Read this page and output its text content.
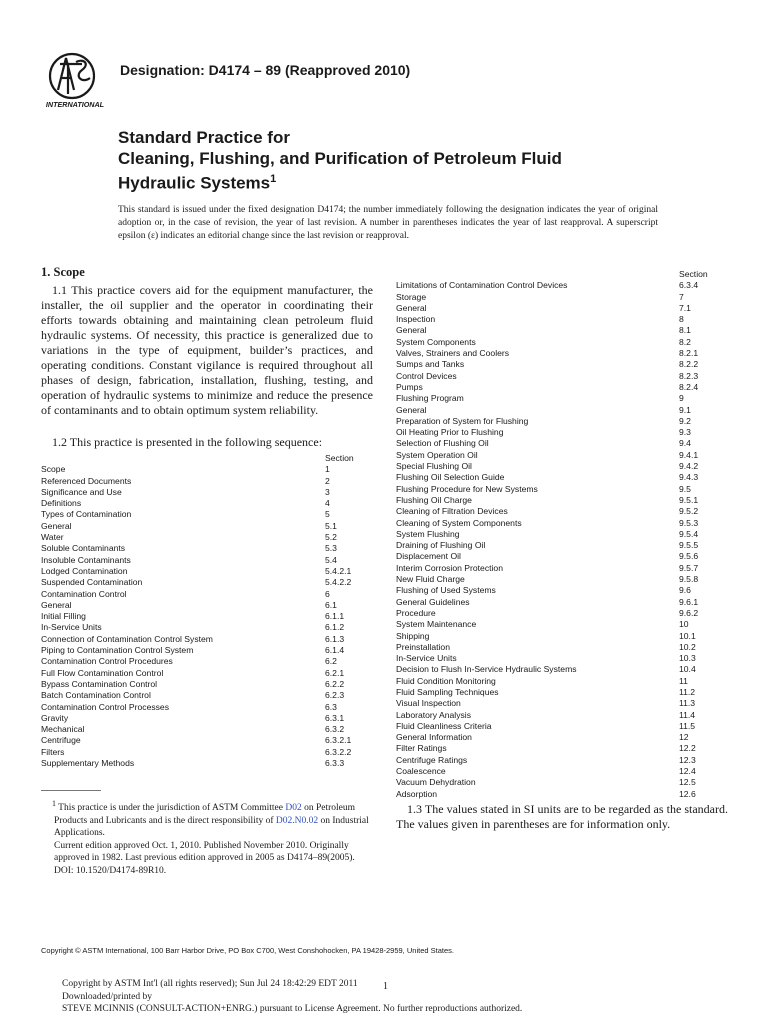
INTERNATIONAL
Designation: D4174 – 89 (Reapproved 2010)
Standard Practice for
Cleaning, Flushing, and Purification of Petroleum Fluid
Hydraulic Systems$^1$
This standard is issued under the fixed designation D4174; the number immediately following the designation indicates the year of original adoption or, in the case of revision, the year of last revision. A number in parentheses indicates the year of last reapproval. A superscript epsilon (ε) indicates an editorial change since the last revision or reapproval.
1. Scope
1.1 This practice covers aid for the equipment manufacturer, the installer, the oil supplier and the operator in coordinating their efforts towards obtaining and maintaining clean petroleum fluid hydraulic systems. Of necessity, this practice is generalized due to variations in the type of equipment, builder’s practices, and operating conditions. Constant vigilance is required throughout all phases of design, fabrication, installation, flushing, testing, and operation of hydraulic systems to minimize and reduce the presence of contaminants and to obtain optimum system reliability.
1.2 This practice is presented in the following sequence:
Section
Scope	1
Referenced Documents	2
Significance and Use	3
Definitions	4
Types of Contamination	5
General	5.1
Water	5.2
Soluble Contaminants	5.3
Insoluble Contaminants	5.4
Lodged Contamination	5.4.2.1
Suspended Contamination	5.4.2.2
Contamination Control	6
General	6.1
Initial Filling	6.1.1
In-Service Units	6.1.2
Connection of Contamination Control System	6.1.3
Piping to Contamination Control System	6.1.4
Contamination Control Procedures	6.2
Full Flow Contamination Control	6.2.1
Bypass Contamination Control	6.2.2
Batch Contamination Control	6.2.3
Contamination Control Processes	6.3
Gravity	6.3.1
Mechanical	6.3.2
Centrifuge	6.3.2.1
Filters	6.3.2.2
Supplementary Methods	6.3.3
Section
Limitations of Contamination Control Devices	6.3.4
Storage	7
General	7.1
Inspection	8
General	8.1
System Components	8.2
Valves, Strainers and Coolers	8.2.1
Sumps and Tanks	8.2.2
Control Devices	8.2.3
Pumps	8.2.4
Flushing Program	9
General	9.1
Preparation of System for Flushing	9.2
Oil Heating Prior to Flushing	9.3
Selection of Flushing Oil	9.4
System Operation Oil	9.4.1
Special Flushing Oil	9.4.2
Flushing Oil Selection Guide	9.4.3
Flushing Procedure for New Systems	9.5
Flushing Oil Charge	9.5.1
Cleaning of Filtration Devices	9.5.2
Cleaning of System Components	9.5.3
System Flushing	9.5.4
Draining of Flushing Oil	9.5.5
Displacement Oil	9.5.6
Interim Corrosion Protection	9.5.7
New Fluid Charge	9.5.8
Flushing of Used Systems	9.6
General Guidelines	9.6.1
Procedure	9.6.2
System Maintenance	10
Shipping	10.1
Preinstallation	10.2
In-Service Units	10.3
Decision to Flush In-Service Hydraulic Systems	10.4
Fluid Condition Monitoring	11
Fluid Sampling Techniques	11.2
Visual Inspection	11.3
Laboratory Analysis	11.4
Fluid Cleanliness Criteria	11.5
General Information	12
Filter Ratings	12.2
Centrifuge Ratings	12.3
Coalescence	12.4
Vacuum Dehydration	12.5
Adsorption	12.6

$^1$ This practice is under the jurisdiction of ASTM Committee D02 on Petroleum Products and Lubricants and is the direct responsibility of D02.N0.02 on Industrial Applications.

Current edition approved Oct. 1, 2010. Published November 2010. Originally approved in 1982. Last previous edition approved in 2005 as D4174–89(2005). DOI: 10.1520/D4174-89R10.

1.3 The values stated in SI units are to be regarded as the standard. The values given in parentheses are for information only.
Copyright © ASTM International, 100 Barr Harbor Drive, PO Box C700, West Conshohocken, PA 19428-2959, United States.
Copyright by ASTM Int'l (all rights reserved); Sun Jul 24 18:42:29 EDT 2011
Downloaded/printed by
STEVE MCINNIS (CONSULT-ACTION+ENRG.) pursuant to License Agreement. No further reproductions authorized.
1
